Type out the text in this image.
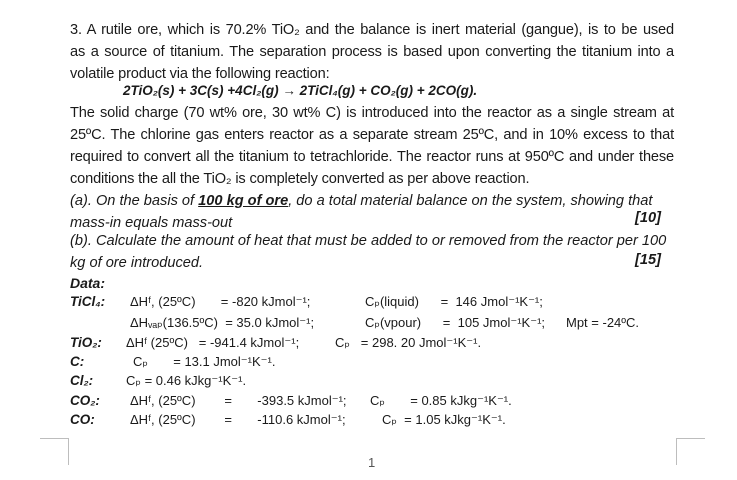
3. A rutile ore, which is 70.2% TiO₂ and the balance is inert material (gangue), is to be used
as a source of titanium. The separation process is based upon converting the titanium into a
volatile product via the following reaction:
2TiO₂(s) + 3C(s) +4Cl₂(g) → 2TiCl₄(g) + CO₂(g) + 2CO(g).
The solid charge (70 wt% ore, 30 wt% C) is introduced into the reactor as a single stream at
25ºC. The chlorine gas enters reactor as a separate stream 25ºC, and in 10% excess to that
required to convert all the titanium to tetrachloride. The reactor runs at 950ºC and under these
conditions the all the TiO₂ is completely converted as per above reaction.
(a). On the basis of 100 kg of ore, do a total material balance on the system, showing that
mass-in equals mass-out	[10]
(b). Calculate the amount of heat that must be added to or removed from the reactor per 100
kg of ore introduced.	[15]
Data:
TiCl₄: ΔHᶠ, (25ºC)       = -820 kJmol⁻¹;	Cₚ(liquid)      =  146 Jmol⁻¹K⁻¹;
ΔHᵥₐₚ(136.5ºC)  = 35.0 kJmol⁻¹;	Cₚ(vpour)      =  105 Jmol⁻¹K⁻¹; Mpt = -24ºC.
TiO₂: ΔHᶠ (25ºC)   = -941.4 kJmol⁻¹;	Cₚ   = 298. 20 Jmol⁻¹K⁻¹.
C:	Cₚ       = 13.1 Jmol⁻¹K⁻¹.
Cl₂:	Cₚ = 0.46 kJkg⁻¹K⁻¹.
CO₂: ΔHᶠ, (25ºC)        =       -393.5 kJmol⁻¹; Cₚ       = 0.85 kJkg⁻¹K⁻¹.
CO:	ΔHᶠ, (25ºC)        =       -110.6 kJmol⁻¹;	Cₚ  = 1.05 kJkg⁻¹K⁻¹.
1
